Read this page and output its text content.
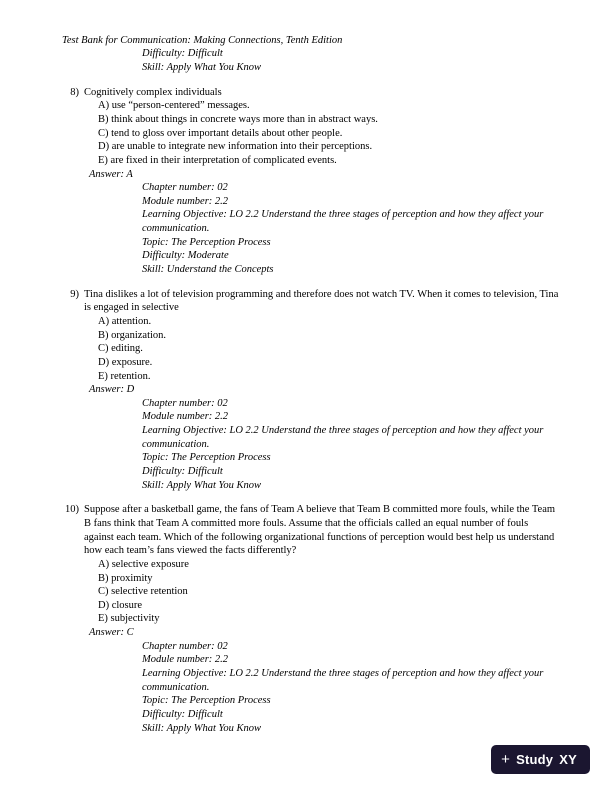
Test Bank for Communication: Making Connections, Tenth Edition
Difficulty: Difficult
Skill: Apply What You Know
8) Cognitively complex individuals
A) use “person-centered” messages.
B) think about things in concrete ways more than in abstract ways.
C) tend to gloss over important details about other people.
D) are unable to integrate new information into their perceptions.
E) are fixed in their interpretation of complicated events.
Answer: A
Chapter number: 02
Module number: 2.2
Learning Objective: LO 2.2 Understand the three stages of perception and how they affect your
communication.
Topic: The Perception Process
Difficulty: Moderate
Skill: Understand the Concepts
9) Tina dislikes a lot of television programming and therefore does not watch TV. When it comes to television, Tina is engaged in selective
A) attention.
B) organization.
C) editing.
D) exposure.
E) retention.
Answer: D
Chapter number: 02
Module number: 2.2
Learning Objective: LO 2.2 Understand the three stages of perception and how they affect your
communication.
Topic: The Perception Process
Difficulty: Difficult
Skill: Apply What You Know
10) Suppose after a basketball game, the fans of Team A believe that Team B committed more fouls, while the Team B fans think that Team A committed more fouls. Assume that the officials called an equal number of fouls against each team. Which of the following organizational functions of perception would best help us understand how each team’s fans viewed the facts differently?
A) selective exposure
B) proximity
C) selective retention
D) closure
E) subjectivity
Answer: C
Chapter number: 02
Module number: 2.2
Learning Objective: LO 2.2 Understand the three stages of perception and how they affect your
communication.
Topic: The Perception Process
Difficulty: Difficult
Skill: Apply What You Know
+ Study XY
